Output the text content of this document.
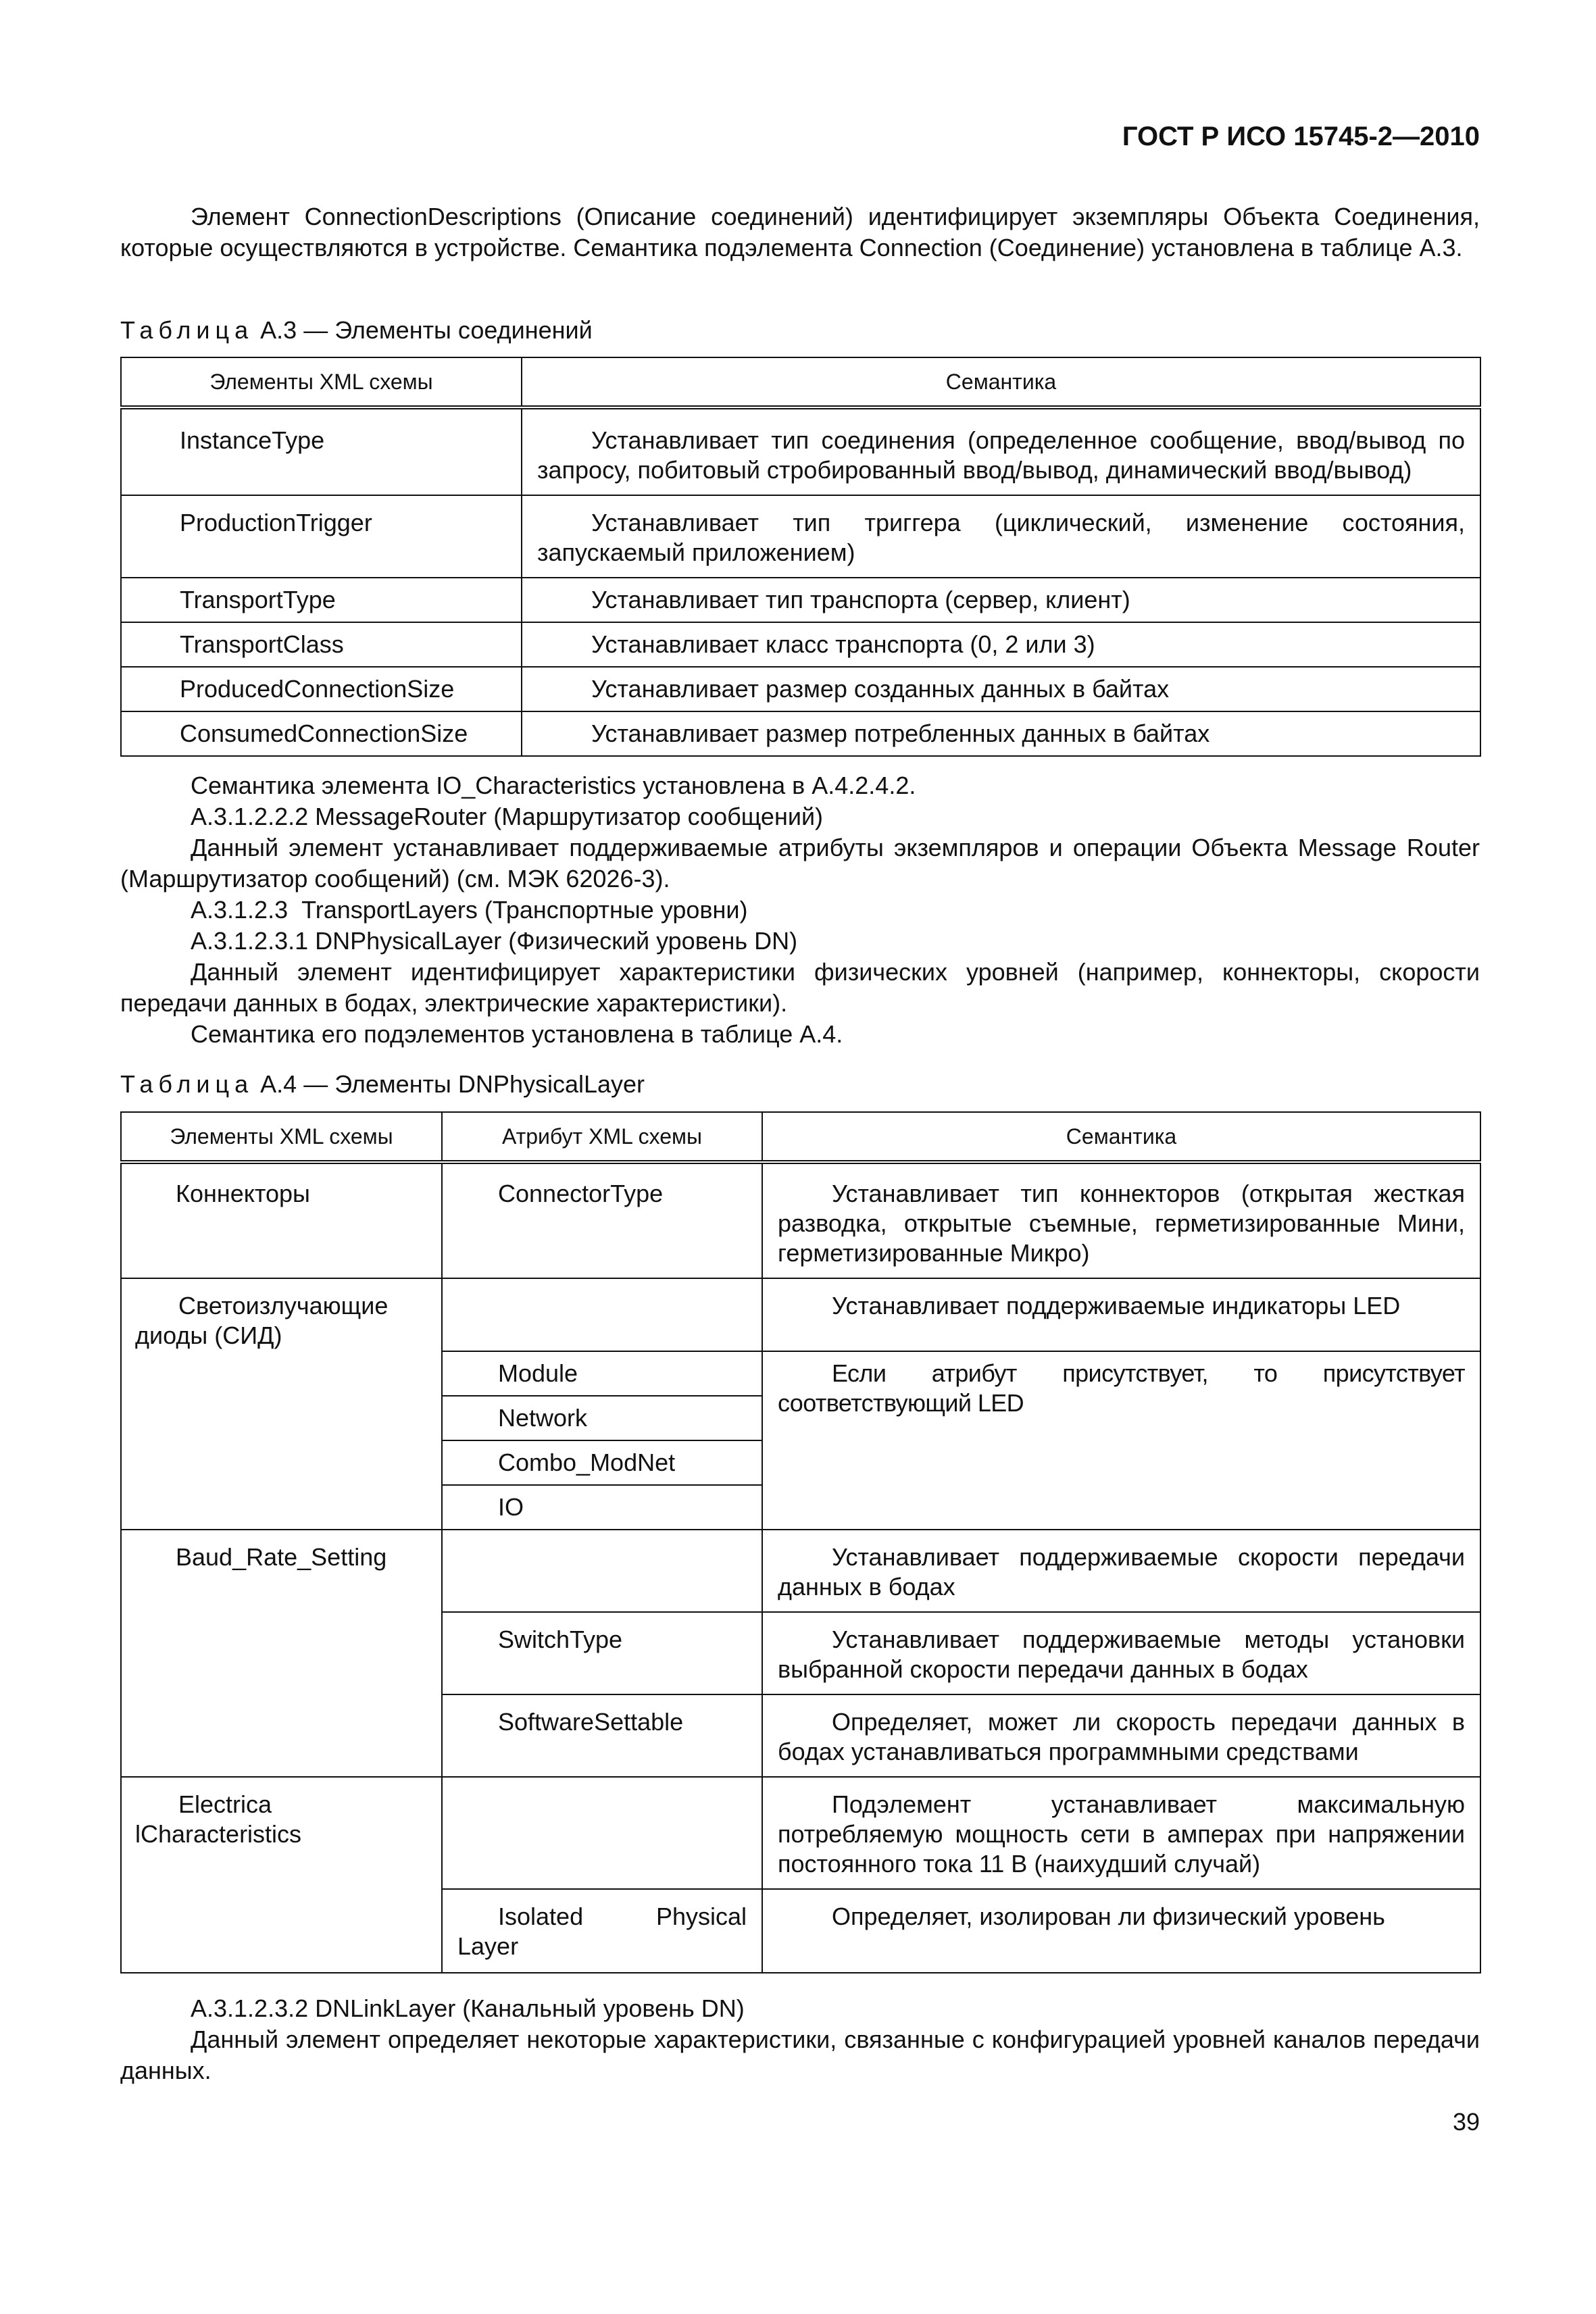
ГОСТ Р ИСО 15745-2—2010

Элемент ConnectionDescriptions (Описание соединений) идентифицирует экземпляры Объекта Соединения, которые осуществляются в устройстве. Семантика подэлемента Connection (Соединение) установлена в таблице А.3.

Таблица А.3 — Элементы соединений

Элементы XML схемы	Семантика

InstanceType	Устанавливает тип соединения (определенное сообщение, ввод/вывод по запросу, побитовый стробированный ввод/вывод, динамический ввод/вывод)

ProductionTrigger	Устанавливает тип триггера (циклический, изменение состояния, запускаемый приложением)

TransportType	Устанавливает тип транспорта (сервер, клиент)

TransportClass	Устанавливает класс транспорта (0, 2 или 3)

ProducedConnectionSize	Устанавливает размер созданных данных в байтах

ConsumedConnectionSize	Устанавливает размер потребленных данных в байтах

Семантика элемента IO_Characteristics установлена в А.4.2.4.2.

А.3.1.2.2.2 MessageRouter (Маршрутизатор сообщений)

Данный элемент устанавливает поддерживаемые атрибуты экземпляров и операции Объекта Message Router (Маршрутизатор сообщений) (см. МЭК 62026-3).

А.3.1.2.3  TransportLayers (Транспортные уровни)

А.3.1.2.3.1 DNPhysicalLayer (Физический уровень DN)

Данный элемент идентифицирует характеристики физических уровней (например, коннекторы, скорости передачи данных в бодах, электрические характеристики).

Семантика его подэлементов установлена в таблице А.4.

Таблица А.4 — Элементы DNPhysicalLayer

Элементы XML схемы	Атрибут XML схемы	Семантика

Коннекторы	ConnectorType	Устанавливает тип коннекторов (открытая жесткая разводка, открытые съемные, герметизированные Мини, герметизированные Микро)

Светоизлучающие диоды (СИД)		Устанавливает поддерживаемые индикаторы LED

	Module	Если атрибут присутствует, то присутствует соответствующий LED

	Network	

	Combo_ModNet	

	IO	

Baud_Rate_Setting		Устанавливает поддерживаемые скорости передачи данных в бодах

	SwitchType	Устанавливает поддерживаемые методы установки выбранной скорости передачи данных в бодах

	SoftwareSettable	Определяет, может ли скорость передачи данных в бодах устанавливаться программными средствами

Electrica
lCharacteristics		Подэлемент устанавливает максимальную потребляемую мощность сети в амперах при напряжении постоянного тока 11 В (наихудший случай)

	Isolated Physical
Layer	Определяет, изолирован ли физический уровень

А.3.1.2.3.2 DNLinkLayer (Канальный уровень DN)

Данный элемент определяет некоторые характеристики, связанные с конфигурацией уровней каналов передачи данных.

39
